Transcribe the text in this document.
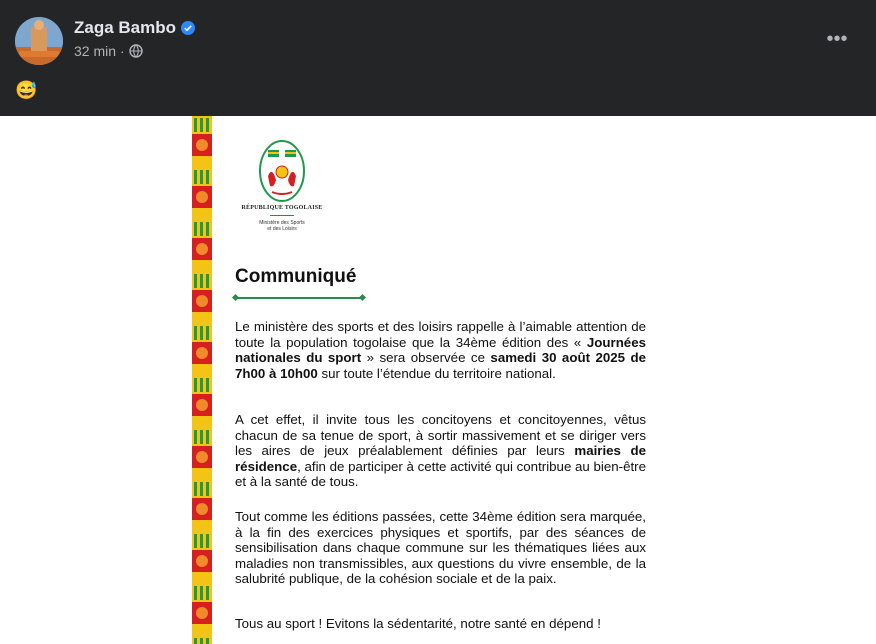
Zaga Bambo
32 min ·
•••
😅
RÉPUBLIQUE TOGOLAISE
Ministère des Sports
et des Loisirs
Communiqué
Le ministère des sports et des loisirs rappelle à l’aimable attention de toute la population togolaise que la 34ème édition des « Journées nationales du sport » sera observée ce samedi 30 août 2025 de 7h00 à 10h00 sur toute l’étendue du territoire national.
A cet effet, il invite tous les concitoyens et concitoyennes, vêtus chacun de sa tenue de sport, à sortir massivement et se diriger vers les aires de jeux préalablement définies par leurs mairies de résidence, afin de participer à cette activité qui contribue au bien-être et à la santé de tous.
Tout comme les éditions passées, cette 34ème édition sera marquée, à la fin des exercices physiques et sportifs, par des séances de sensibilisation dans chaque commune sur les thématiques liées aux maladies non transmissibles, aux questions du vivre ensemble, de la salubrité publique, de la cohésion sociale et de la paix.
Tous au sport ! Evitons la sédentarité, notre santé en dépend !
